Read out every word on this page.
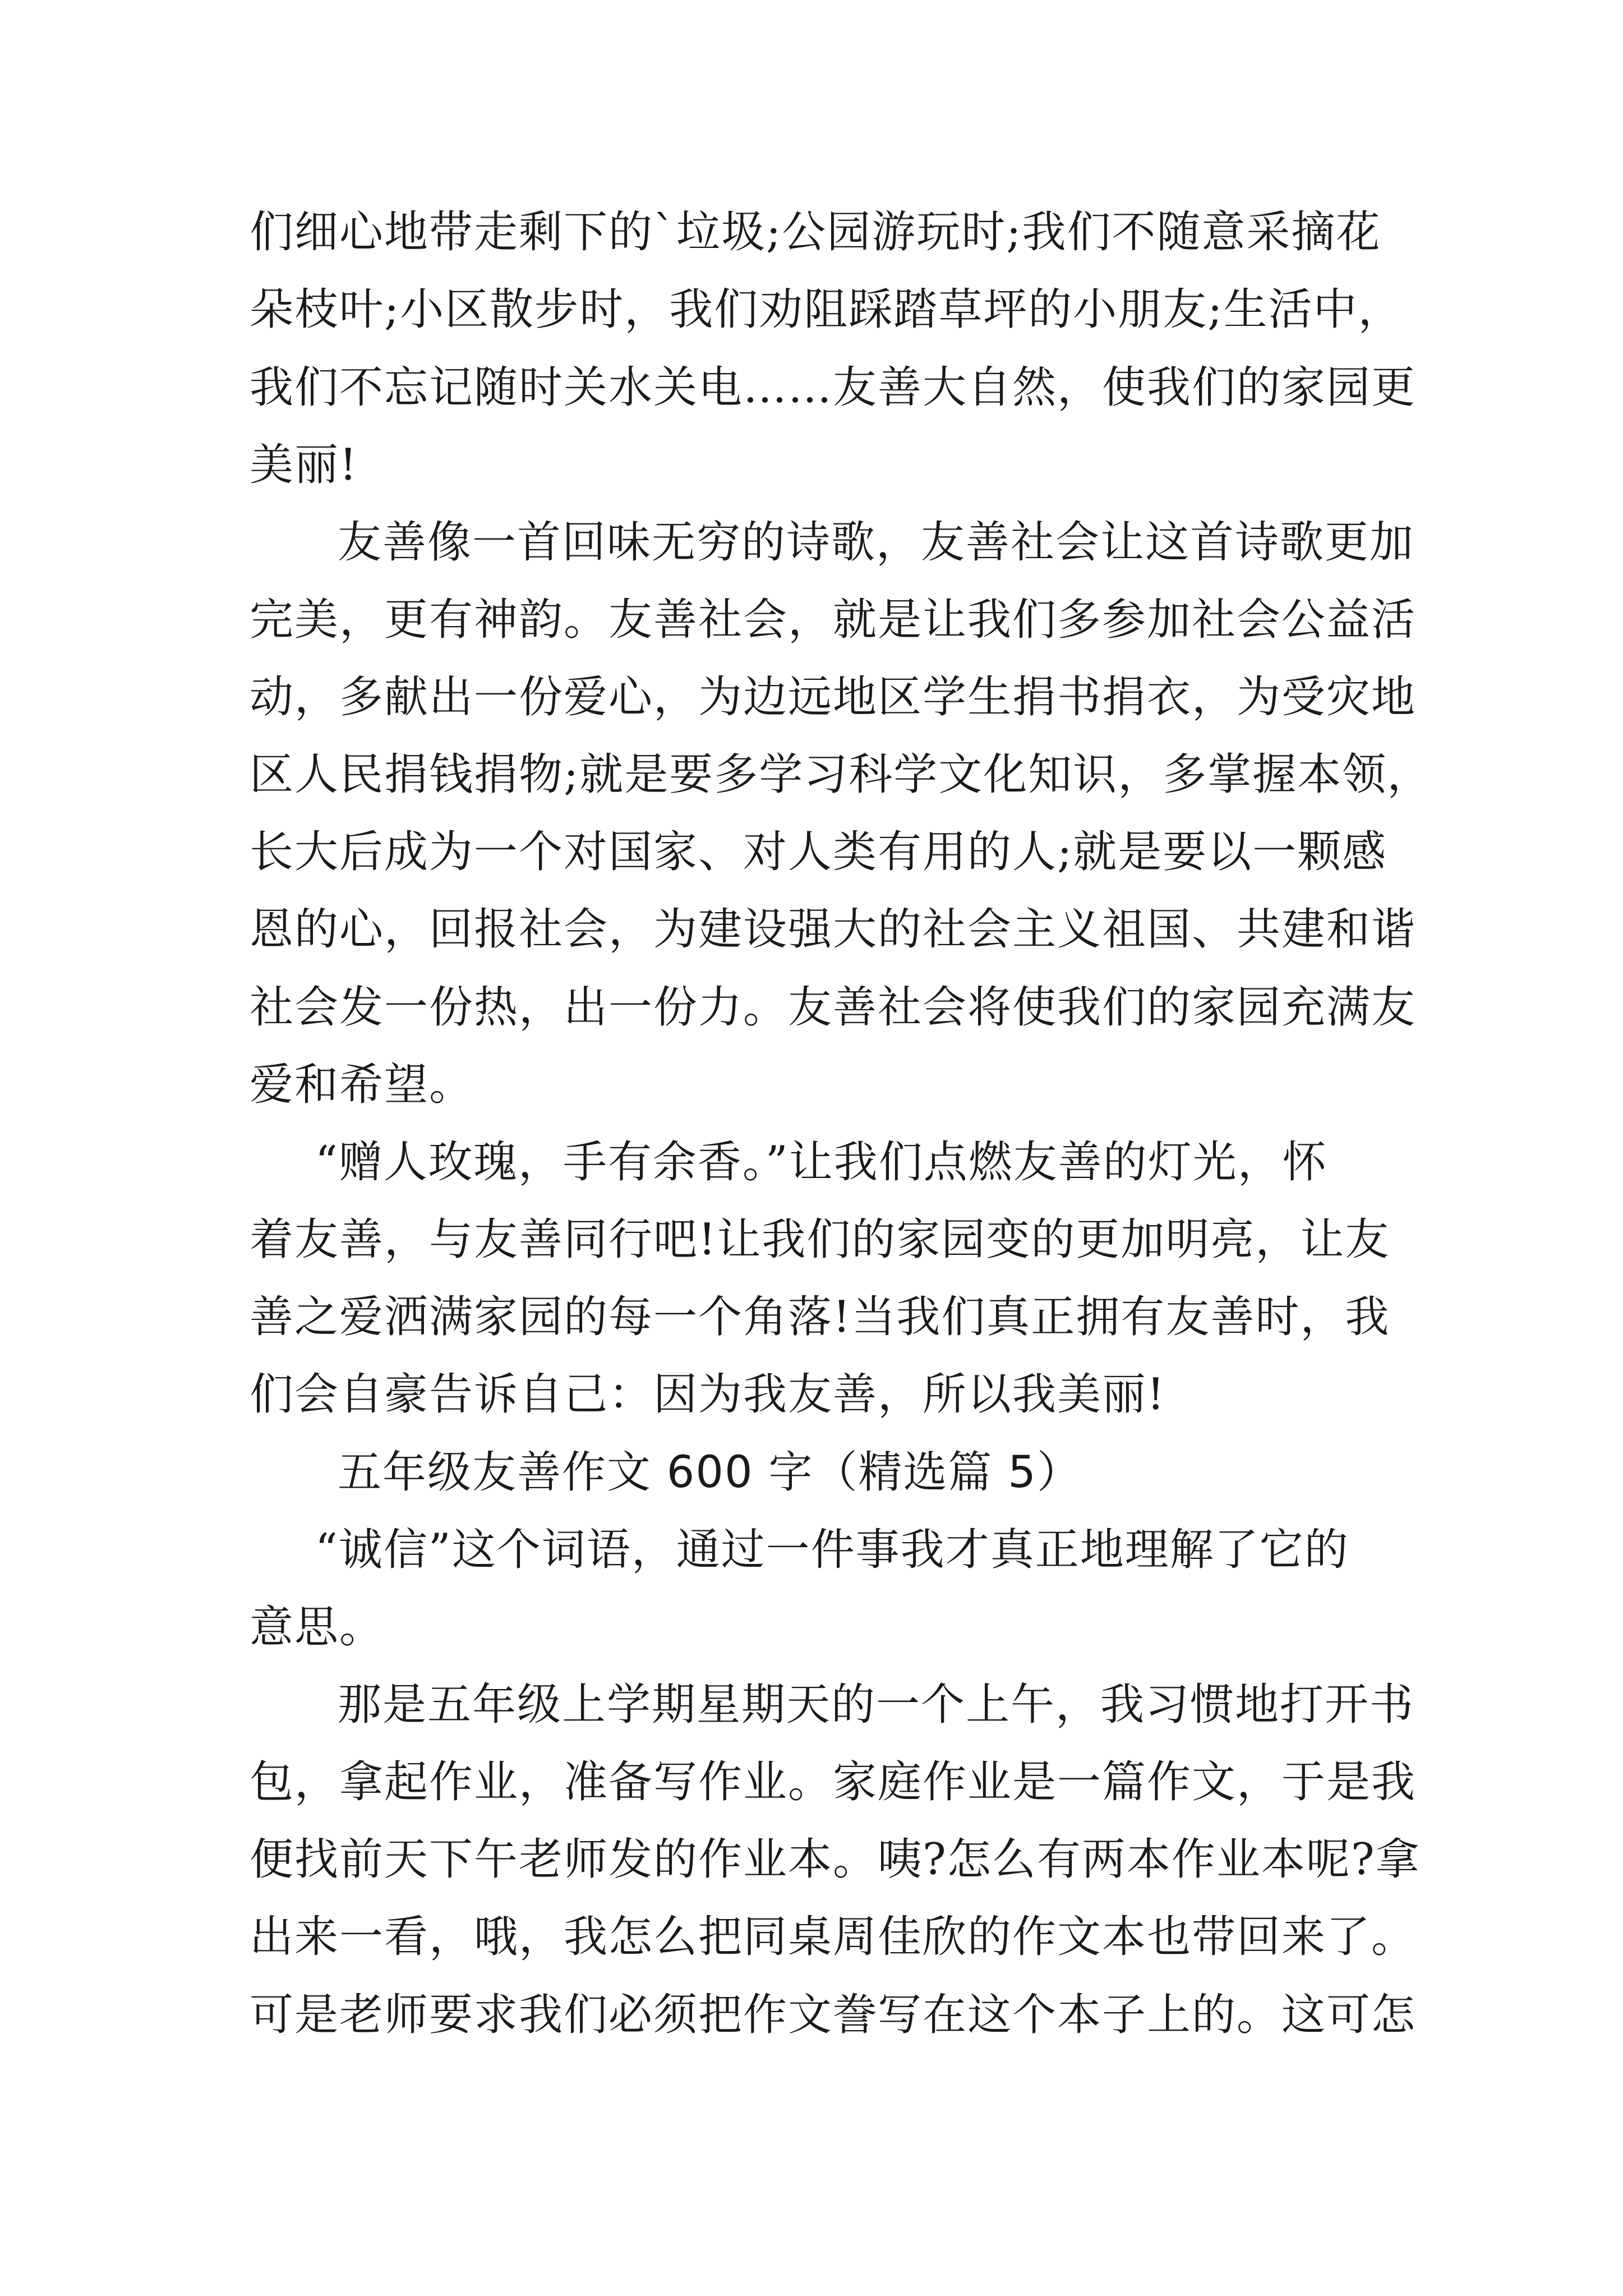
们细心地带走剩下的`垃圾;公园游玩时;我们不随意采摘花

朵枝叶;小区散步时，我们劝阻踩踏草坪的小朋友;生活中，

我们不忘记随时关水关电……友善大自然，使我们的家园更

美丽!

友善像一首回味无穷的诗歌，友善社会让这首诗歌更加

完美，更有神韵。友善社会，就是让我们多参加社会公益活

动，多献出一份爱心，为边远地区学生捐书捐衣，为受灾地

区人民捐钱捐物;就是要多学习科学文化知识，多掌握本领，

长大后成为一个对国家、对人类有用的人;就是要以一颗感

恩的心，回报社会，为建设强大的社会主义祖国、共建和谐

社会发一份热，出一份力。友善社会将使我们的家园充满友

爱和希望。

“赠人玫瑰，手有余香。”让我们点燃友善的灯光，怀

着友善，与友善同行吧!让我们的家园变的更加明亮，让友

善之爱洒满家园的每一个角落!当我们真正拥有友善时，我

们会自豪告诉自己：因为我友善，所以我美丽!

五年级友善作文 600 字（精选篇 5）

“诚信”这个词语，通过一件事我才真正地理解了它的

意思。

那是五年级上学期星期天的一个上午，我习惯地打开书

包，拿起作业，准备写作业。家庭作业是一篇作文，于是我

便找前天下午老师发的作业本。咦?怎么有两本作业本呢?拿

出来一看，哦，我怎么把同桌周佳欣的作文本也带回来了。

可是老师要求我们必须把作文誊写在这个本子上的。这可怎
